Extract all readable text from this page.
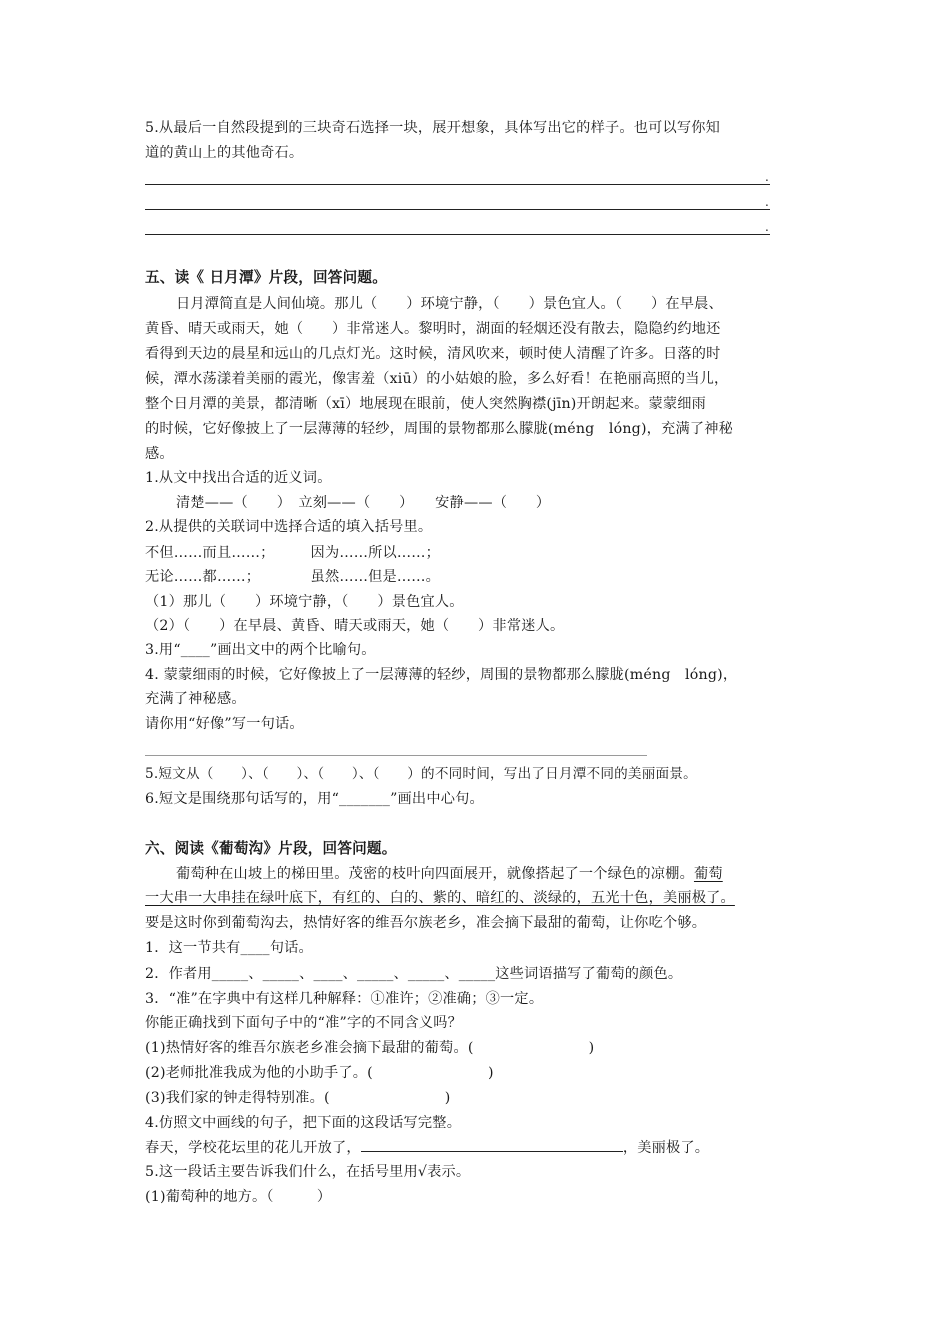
5.从最后一自然段提到的三块奇石选择一块，展开想象，具体写出它的样子。也可以写你知
道的黄山上的其他奇石。
.
.
.
五、读《 日月潭》片段，回答问题。
日月潭简直是人间仙境。那儿（　　）环境宁静，（　　）景色宜人。（　　）在早晨、
黄昏、晴天或雨天，她（　　）非常迷人。黎明时，湖面的轻烟还没有散去，隐隐约约地还
看得到天边的晨星和远山的几点灯光。这时候，清风吹来，顿时使人清醒了许多。日落的时
候，潭水荡漾着美丽的霞光，像害羞（xiū）的小姑娘的脸，多么好看！在艳丽高照的当儿，
整个日月潭的美景，都清晰（xī）地展现在眼前，使人突然胸襟(jīn)开朗起来。蒙蒙细雨
的时候，它好像披上了一层薄薄的轻纱，周围的景物都那么朦胧(méng　lóng)，充满了神秘
感。
1.从文中找出合适的近义词。
清楚——（　　）　立刻——（　　）　　安静——（　　）
2.从提供的关联词中选择合适的填入括号里。
不但……而且……；　　　因为……所以……；
无论……都……；　　　　虽然……但是……。
（1）那儿（　　）环境宁静，（　　）景色宜人。
（2）（　　）在早晨、黄昏、晴天或雨天，她（　　）非常迷人。
3.用“____”画出文中的两个比喻句。
4. 蒙蒙细雨的时候，它好像披上了一层薄薄的轻纱，周围的景物都那么朦胧(méng　lóng)，
充满了神秘感。
请你用“好像”写一句话。
5.短文从（　　）、（　　）、（　　）、（　　）的不同时间，写出了日月潭不同的美丽面景。
6.短文是围绕那句话写的，用“_______”画出中心句。
六、阅读《葡萄沟》片段，回答问题。
葡萄种在山坡上的梯田里。茂密的枝叶向四面展开，就像搭起了一个绿色的凉棚。葡萄
一大串一大串挂在绿叶底下，有红的、白的、紫的、暗红的、淡绿的，五光十色，美丽极了。
要是这时你到葡萄沟去，热情好客的维吾尔族老乡，准会摘下最甜的葡萄，让你吃个够。
1．这一节共有____句话。
2．作者用_____、_____、____、_____、_____、_____这些词语描写了葡萄的颜色。
3．“准”在字典中有这样几种解释：①准许；②准确；③一定。
你能正确找到下面句子中的“准”字的不同含义吗？
(1)热情好客的维吾尔族老乡准会摘下最甜的葡萄。(　　　　　　　　)
(2)老师批准我成为他的小助手了。(　　　　　　　　)
(3)我们家的钟走得特别准。(　　　　　　　　)
4.仿照文中画线的句子，把下面的这段话写完整。
春天，学校花坛里的花儿开放了，	，美丽极了。
5.这一段话主要告诉我们什么，在括号里用√表示。
(1)葡萄种的地方。（　　　）
